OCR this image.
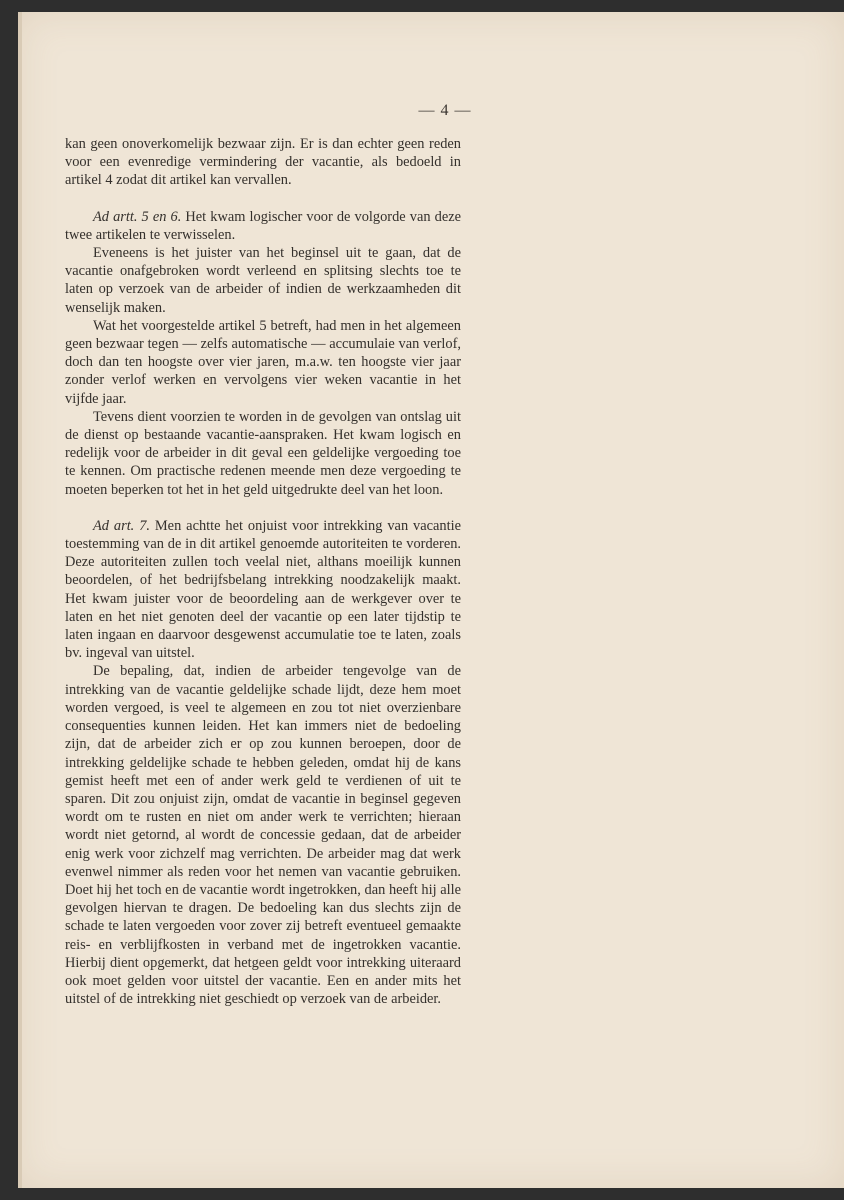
— 4 —

kan geen onoverkomelijk bezwaar zijn. Er is dan echter geen reden voor een evenredige vermindering der vacantie, als bedoeld in artikel 4 zodat dit artikel kan vervallen.

Ad artt. 5 en 6. Het kwam logischer voor de volgorde van deze twee artikelen te verwisselen.

Eveneens is het juister van het beginsel uit te gaan, dat de vacantie onafgebroken wordt verleend en splitsing slechts toe te laten op verzoek van de arbeider of indien de werkzaamheden dit wenselijk maken.

Wat het voorgestelde artikel 5 betreft, had men in het algemeen geen bezwaar tegen — zelfs automatische — accumulaie van verlof, doch dan ten hoogste over vier jaren, m.a.w. ten hoogste vier jaar zonder verlof werken en vervolgens vier weken vacantie in het vijfde jaar.

Tevens dient voorzien te worden in de gevolgen van ontslag uit de dienst op bestaande vacantie-aanspraken. Het kwam logisch en redelijk voor de arbeider in dit geval een geldelijke vergoeding toe te kennen. Om practische redenen meende men deze vergoeding te moeten beperken tot het in het geld uitgedrukte deel van het loon.

Ad art. 7. Men achtte het onjuist voor intrekking van vacantie toestemming van de in dit artikel genoemde autoriteiten te vorderen. Deze autoriteiten zullen toch veelal niet, althans moeilijk kunnen beoordelen, of het bedrijfsbelang intrekking noodzakelijk maakt. Het kwam juister voor de beoordeling aan de werkgever over te laten en het niet genoten deel der vacantie op een later tijdstip te laten ingaan en daarvoor desgewenst accumulatie toe te laten, zoals bv. ingeval van uitstel.

De bepaling, dat, indien de arbeider tengevolge van de intrekking van de vacantie geldelijke schade lijdt, deze hem moet worden vergoed, is veel te algemeen en zou tot niet overzienbare consequenties kunnen leiden. Het kan immers niet de bedoeling zijn, dat de arbeider zich er op zou kunnen beroepen, door de intrekking geldelijke schade te hebben geleden, omdat hij de kans gemist heeft met een of ander werk geld te verdienen of uit te sparen. Dit zou onjuist zijn, omdat de vacantie in beginsel gegeven wordt om te rusten en niet om ander werk te verrichten; hieraan wordt niet getornd, al wordt de concessie gedaan, dat de arbeider enig werk voor zichzelf mag verrichten. De arbeider mag dat werk evenwel nimmer als reden voor het nemen van vacantie gebruiken. Doet hij het toch en de vacantie wordt ingetrokken, dan heeft hij alle gevolgen hiervan te dragen. De bedoeling kan dus slechts zijn de schade te laten vergoeden voor zover zij betreft eventueel gemaakte reis- en verblijfkosten in verband met de ingetrokken vacantie. Hierbij dient opgemerkt, dat hetgeen geldt voor intrekking uiteraard ook moet gelden voor uitstel der vacantie. Een en ander mits het uitstel of de intrekking niet geschiedt op verzoek van de arbeider.
